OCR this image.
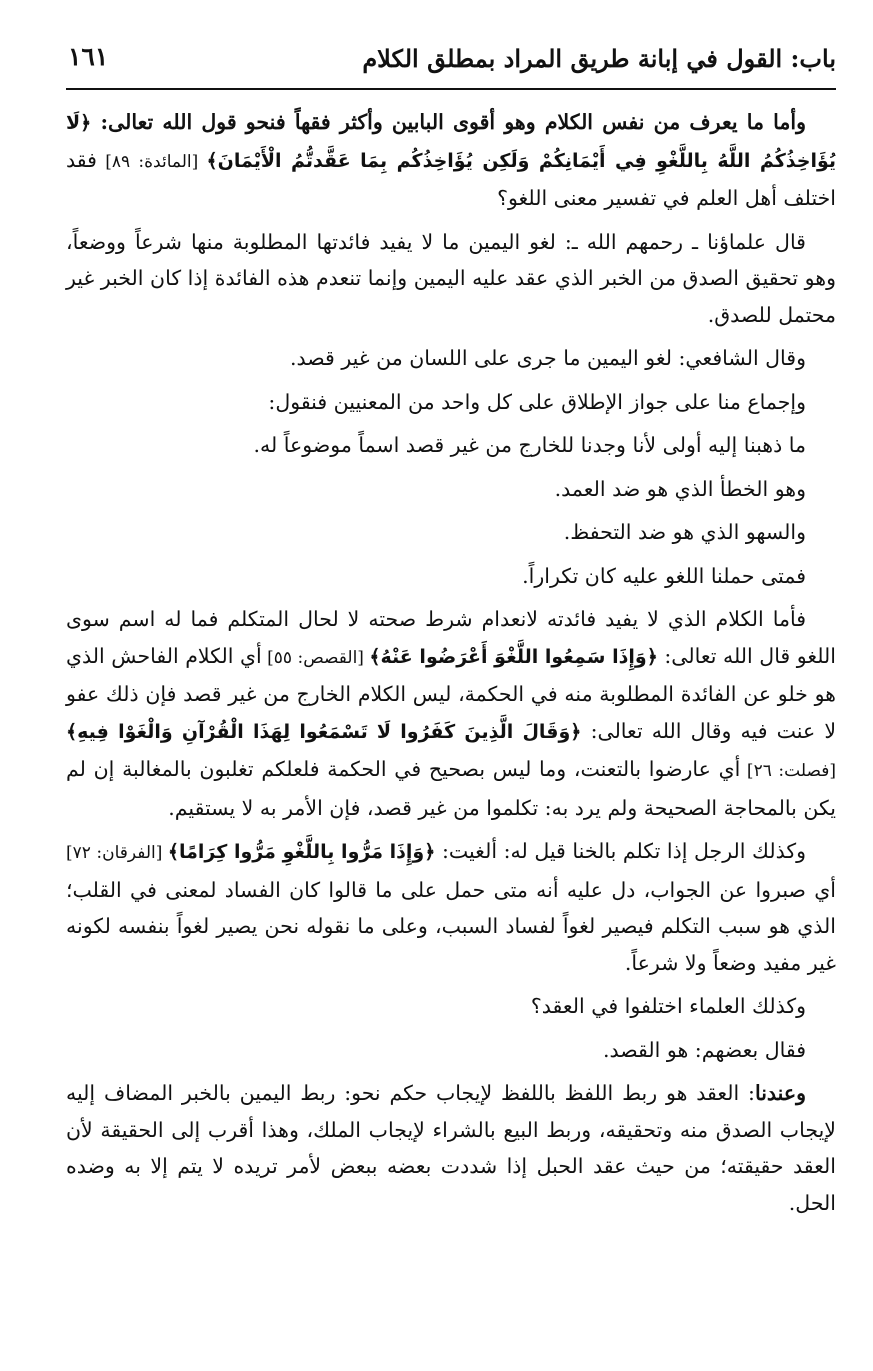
باب: القول في إبانة طريق المراد بمطلق الكلام
١٦١

وأما ما يعرف من نفس الكلام وهو أقوى البابين وأكثر فقهاً فنحو قول الله تعالى: ﴿لَا يُؤَاخِذُكُمُ اللَّهُ بِاللَّغْوِ فِي أَيْمَانِكُمْ وَلَكِن يُؤَاخِذُكُم بِمَا عَقَّدتُّمُ الْأَيْمَانَ﴾ [المائدة: ٨٩] فقد اختلف أهل العلم في تفسير معنى اللغو؟

قال علماؤنا ـ رحمهم الله ـ: لغو اليمين ما لا يفيد فائدتها المطلوبة منها شرعاً ووضعاً، وهو تحقيق الصدق من الخبر الذي عقد عليه اليمين وإنما تنعدم هذه الفائدة إذا كان الخبر غير محتمل للصدق.

وقال الشافعي: لغو اليمين ما جرى على اللسان من غير قصد.

وإجماع منا على جواز الإطلاق على كل واحد من المعنيين فنقول:

ما ذهبنا إليه أولى لأنا وجدنا للخارج من غير قصد اسماً موضوعاً له.

وهو الخطأ الذي هو ضد العمد.

والسهو الذي هو ضد التحفظ.

فمتى حملنا اللغو عليه كان تكراراً.

فأما الكلام الذي لا يفيد فائدته لانعدام شرط صحته لا لحال المتكلم فما له اسم سوى اللغو قال الله تعالى: ﴿وَإِذَا سَمِعُوا اللَّغْوَ أَعْرَضُوا عَنْهُ﴾ [القصص: ٥٥] أي الكلام الفاحش الذي هو خلو عن الفائدة المطلوبة منه في الحكمة، ليس الكلام الخارج من غير قصد فإن ذلك عفو لا عنت فيه وقال الله تعالى: ﴿وَقَالَ الَّذِينَ كَفَرُوا لَا تَسْمَعُوا لِهَذَا الْقُرْآنِ وَالْغَوْا فِيهِ﴾ [فصلت: ٢٦] أي عارضوا بالتعنت، وما ليس بصحيح في الحكمة فلعلكم تغلبون بالمغالبة إن لم يكن بالمحاجة الصحيحة ولم يرد به: تكلموا من غير قصد، فإن الأمر به لا يستقيم.

وكذلك الرجل إذا تكلم بالخنا قيل له: ألغيت: ﴿وَإِذَا مَرُّوا بِاللَّغْوِ مَرُّوا كِرَامًا﴾ [الفرقان: ٧٢] أي صبروا عن الجواب، دل عليه أنه متى حمل على ما قالوا كان الفساد لمعنى في القلب؛ الذي هو سبب التكلم فيصير لغواً لفساد السبب، وعلى ما نقوله نحن يصير لغواً بنفسه لكونه غير مفيد وضعاً ولا شرعاً.

وكذلك العلماء اختلفوا في العقد؟

فقال بعضهم: هو القصد.

وعندنا: العقد هو ربط اللفظ باللفظ لإيجاب حكم نحو: ربط اليمين بالخبر المضاف إليه لإيجاب الصدق منه وتحقيقه، وربط البيع بالشراء لإيجاب الملك، وهذا أقرب إلى الحقيقة لأن العقد حقيقته؛ من حيث عقد الحبل إذا شددت بعضه ببعض لأمر تريده لا يتم إلا به وضده الحل.
